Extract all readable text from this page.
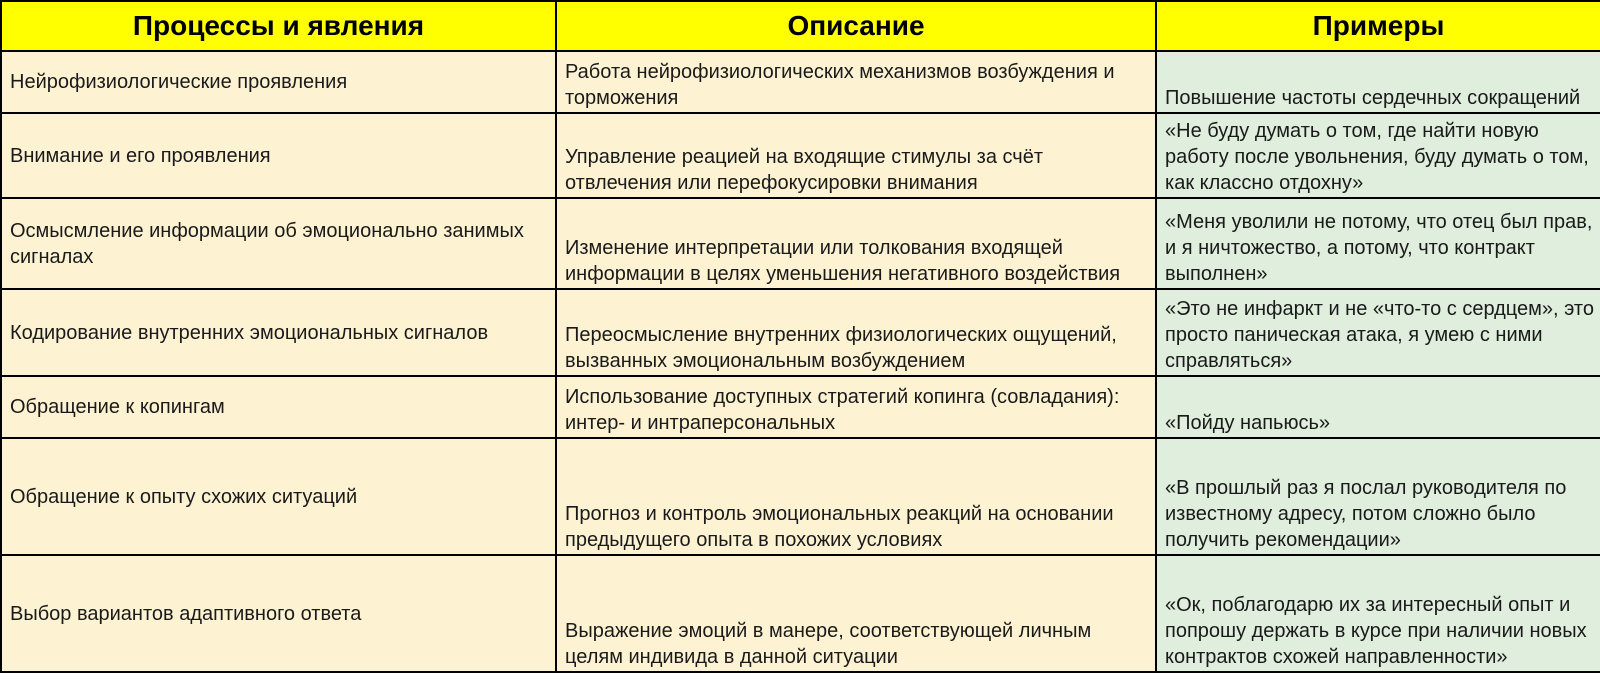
Процессы и явления	Описание	Примеры
Нейрофизиологические проявления	Работа нейрофизиологических механизмов возбуждения и торможения	Повышение частоты сердечных сокращений
Внимание и его проявления	Управление реацией на входящие стимулы за счёт отвлечения или перефокусировки внимания	«Не буду думать о том, где найти новую работу после увольнения, буду думать о том, как классно отдохну»
Осмысмление информации об эмоционально занимых сигналах	Изменение интерпретации или толкования входящей информации в целях уменьшения негативного воздействия	«Меня уволили не потому, что отец был прав, и я ничтожество, а потому, что контракт выполнен»
Кодирование внутренних эмоциональных сигналов	Переосмысление внутренних физиологических ощущений, вызванных эмоциональным возбуждением	«Это не инфаркт и не «что-то с сердцем», это просто паническая атака, я умею с ними справляться»
Обращение к копингам	Использование доступных стратегий копинга (совладания): интер- и интраперсональных	«Пойду напьюсь»
Обращение к опыту схожих ситуаций	Прогноз и контроль эмоциональных реакций на основании предыдущего опыта в похожих условиях	«В прошлый раз я послал руководителя по известному адресу, потом сложно было получить рекомендации»
Выбор вариантов адаптивного ответа	Выражение эмоций в манере, соответствующей личным целям индивида в данной ситуации	«Ок, поблагодарю их за интересный опыт и попрошу держать в курсе при наличии новых контрактов схожей направленности»
